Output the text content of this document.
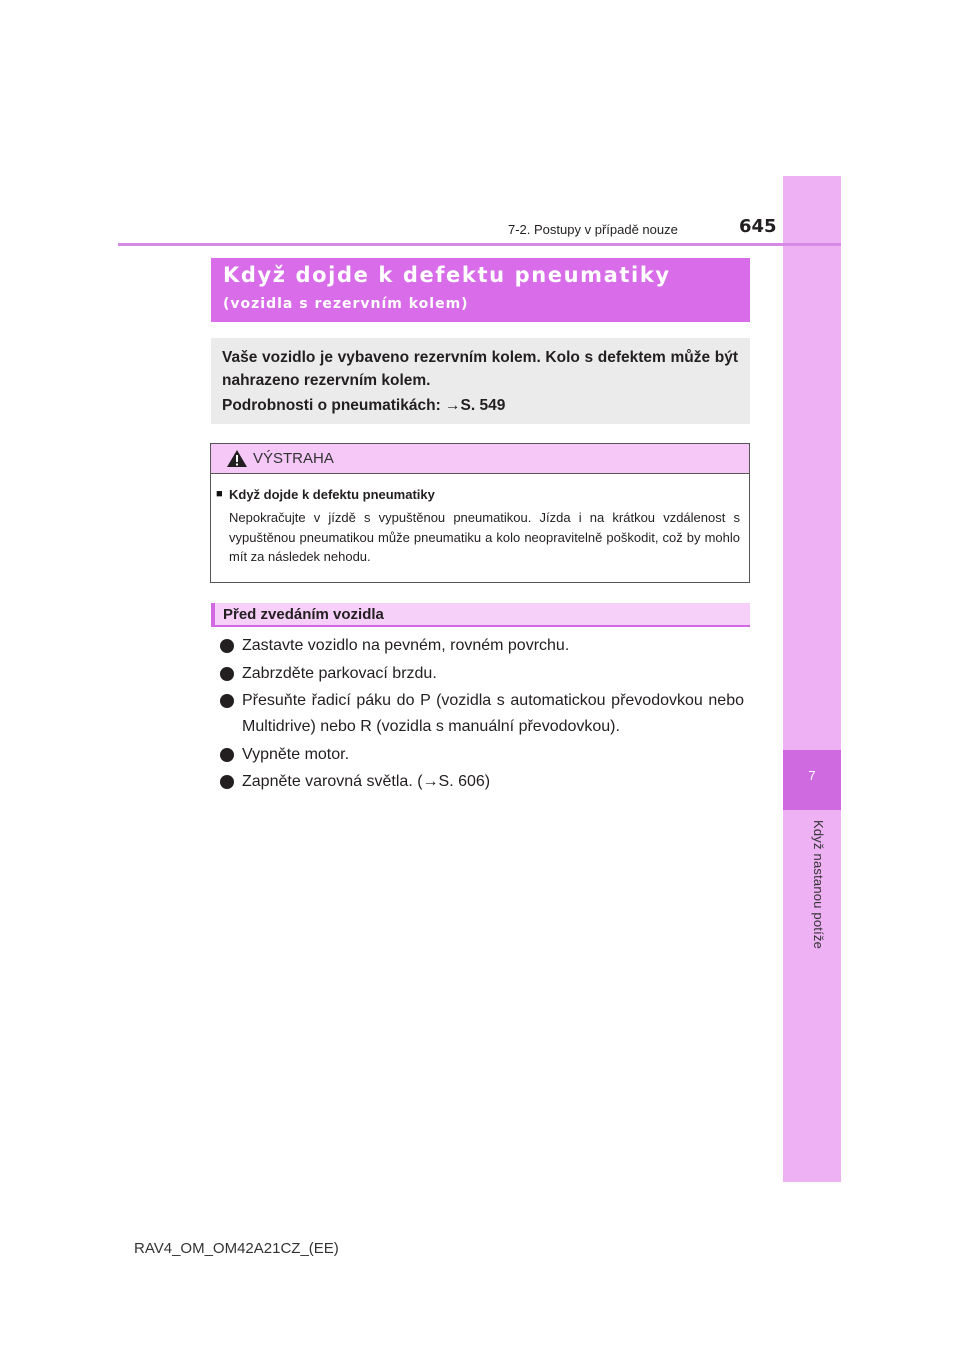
7
Když nastanou potíže
7-2. Postupy v případě nouze	645
Když dojde k defektu pneumatiky
(vozidla s rezervním kolem)
Vaše vozidlo je vybaveno rezervním kolem. Kolo s defektem může být nahrazeno rezervním kolem.
Podrobnosti o pneumatikách: →S. 549
VÝSTRAHA
■ Když dojde k defektu pneumatiky
Nepokračujte v jízdě s vypuštěnou pneumatikou. Jízda i na krátkou vzdálenost s vypuštěnou pneumatikou může pneumatiku a kolo neopravitelně poškodit, což by mohlo mít za následek nehodu.
Před zvedáním vozidla
Zastavte vozidlo na pevném, rovném povrchu.
Zabrzděte parkovací brzdu.
Přesuňte řadicí páku do P (vozidla s automatickou převodovkou nebo Multidrive) nebo R (vozidla s manuální převodovkou).
Vypněte motor.
Zapněte varovná světla. (→S. 606)
RAV4_OM_OM42A21CZ_(EE)
